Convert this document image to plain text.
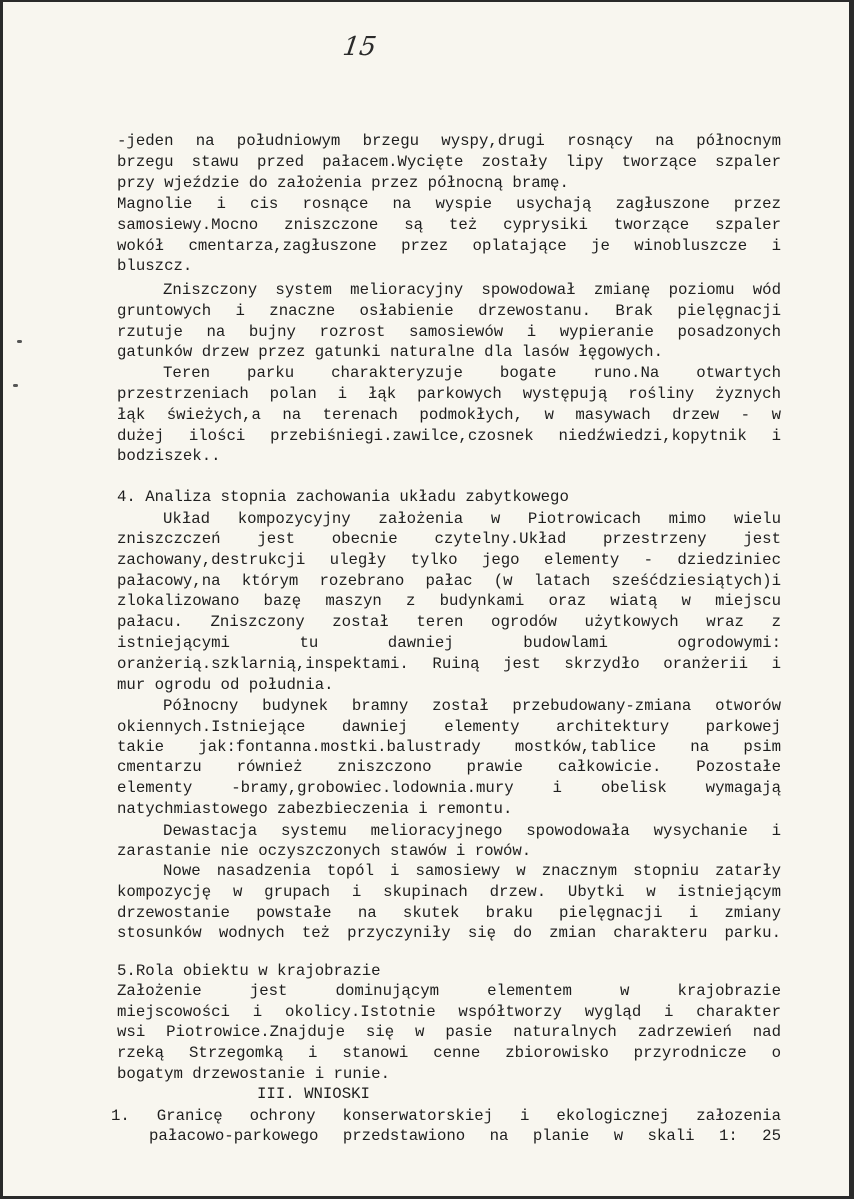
15
-jeden na południowym brzegu wyspy,drugi rosnący na północnym
brzegu stawu przed pałacem.Wycięte zostały lipy tworzące szpaler
przy wjeździe do założenia przez północną bramę.
Magnolie i cis rosnące na wyspie usychają zagłuszone przez
samosiewy.Mocno zniszczone są też cyprysiki tworzące szpaler
wokół cmentarza,zagłuszone przez oplatające je winobluszcze i
bluszcz.
Zniszczony system melioracyjny spowodował zmianę poziomu wód
gruntowych i znaczne osłabienie drzewostanu. Brak pielęgnacji
rzutuje na bujny rozrost samosiewów i wypieranie posadzonych
gatunków drzew przez gatunki naturalne dla lasów łęgowych.
Teren parku charakteryzuje bogate runo.Na otwartych
przestrzeniach polan i łąk parkowych występują rośliny żyznych
łąk świeżych,a na terenach podmokłych, w masywach drzew - w
dużej ilości przebiśniegi.zawilce,czosnek niedźwiedzi,kopytnik i
bodziszek..
4. Analiza stopnia zachowania układu zabytkowego
Układ kompozycyjny założenia w Piotrowicach mimo wielu
zniszczczeń jest obecnie czytelny.Układ przestrzeny jest
zachowany,destrukcji uległy tylko jego elementy - dziedziniec
pałacowy,na którym rozebrano pałac (w latach sześćdziesiątych)i
zlokalizowano bazę maszyn z budynkami oraz wiatą w miejscu
pałacu. Zniszczony został teren ogrodów użytkowych wraz z
istniejącymi tu dawniej budowlami ogrodowymi:
oranżerią.szklarnią,inspektami. Ruiną jest skrzydło oranżerii i
mur ogrodu od południa.
Północny budynek bramny został przebudowany-zmiana otworów
okiennych.Istniejące dawniej elementy architektury parkowej
takie jak:fontanna.mostki.balustrady mostków,tablice na psim
cmentarzu również zniszczono prawie całkowicie. Pozostałe
elementy -bramy,grobowiec.lodownia.mury i obelisk wymagają
natychmiastowego zabezbieczenia i remontu.
Dewastacja systemu melioracyjnego spowodowała wysychanie i
zarastanie nie oczyszczonych stawów i rowów.
Nowe nasadzenia topól i samosiewy w znacznym stopniu zatarły
kompozycję w grupach i skupinach drzew. Ubytki w istniejącym
drzewostanie powstałe na skutek braku pielęgnacji i zmiany
stosunków wodnych też przyczyniły się do zmian charakteru parku.
5.Rola obiektu w krajobrazie
Założenie jest dominującym elementem w krajobrazie
miejscowości i okolicy.Istotnie współtworzy wygląd i charakter
wsi Piotrowice.Znajduje się w pasie naturalnych zadrzewień nad
rzeką Strzegomką i stanowi cenne zbiorowisko przyrodnicze o
bogatym drzewostanie i runie.
III. WNIOSKI
1. Granicę ochrony konserwatorskiej i ekologicznej załozenia
pałacowo-parkowego przedstawiono na planie w skali 1: 25
